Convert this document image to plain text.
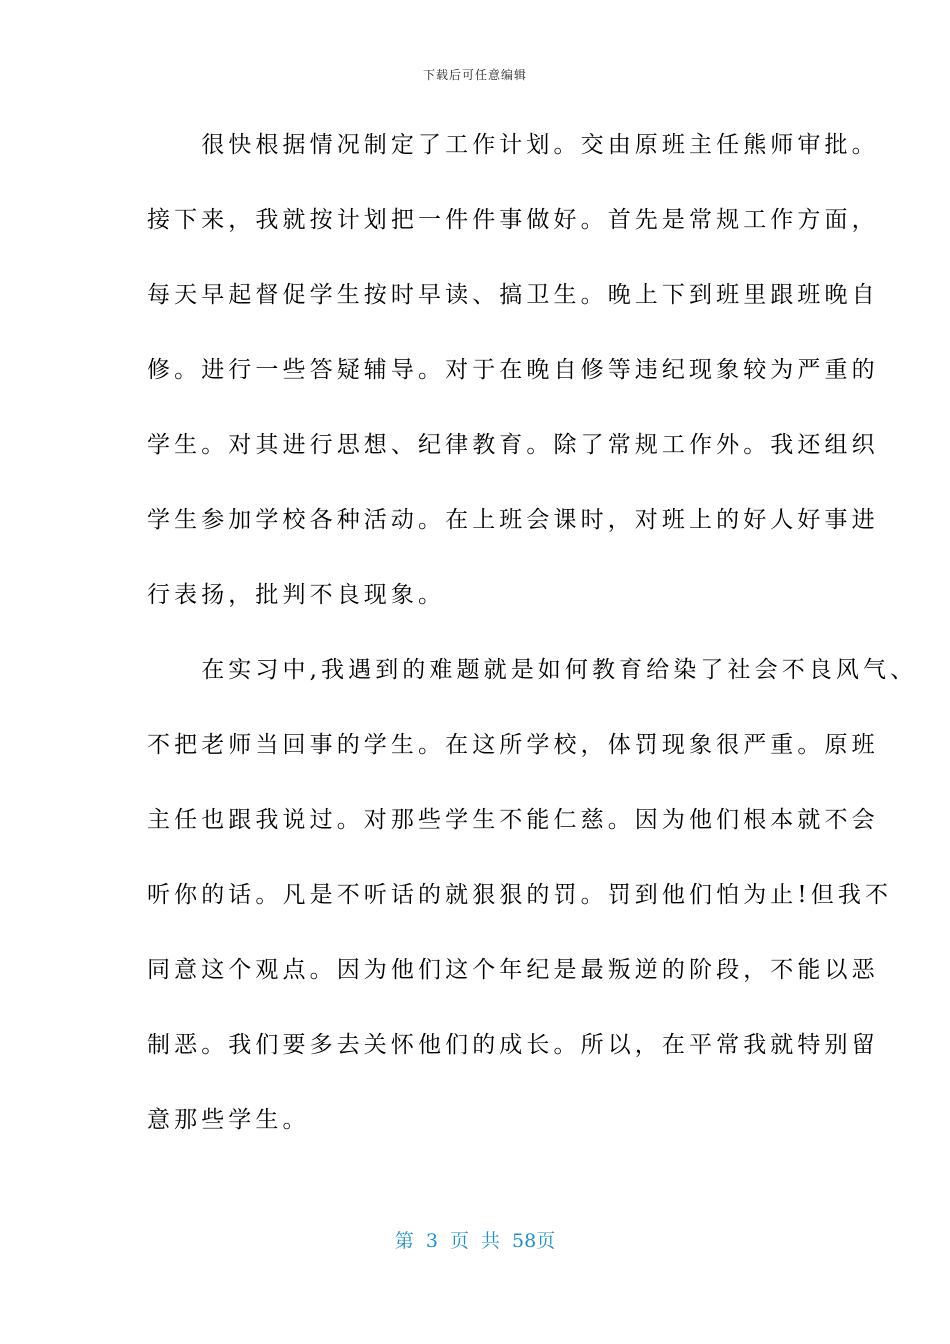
下载后可任意编辑
　　很快根据情况制定了工作计划。交由原班主任熊师审批。
接下来，我就按计划把一件件事做好。首先是常规工作方面，
每天早起督促学生按时早读、搞卫生。晚上下到班里跟班晚自
修。进行一些答疑辅导。对于在晚自修等违纪现象较为严重的
学生。对其进行思想、纪律教育。除了常规工作外。我还组织
学生参加学校各种活动。在上班会课时，对班上的好人好事进
行表扬，批判不良现象。
　　在实习中,我遇到的难题就是如何教育给染了社会不良风气、
不把老师当回事的学生。在这所学校，体罚现象很严重。原班
主任也跟我说过。对那些学生不能仁慈。因为他们根本就不会
听你的话。凡是不听话的就狠狠的罚。罚到他们怕为止!但我不
同意这个观点。因为他们这个年纪是最叛逆的阶段，不能以恶
制恶。我们要多去关怀他们的成长。所以，在平常我就特别留
意那些学生。
第 3 页 共 58页
